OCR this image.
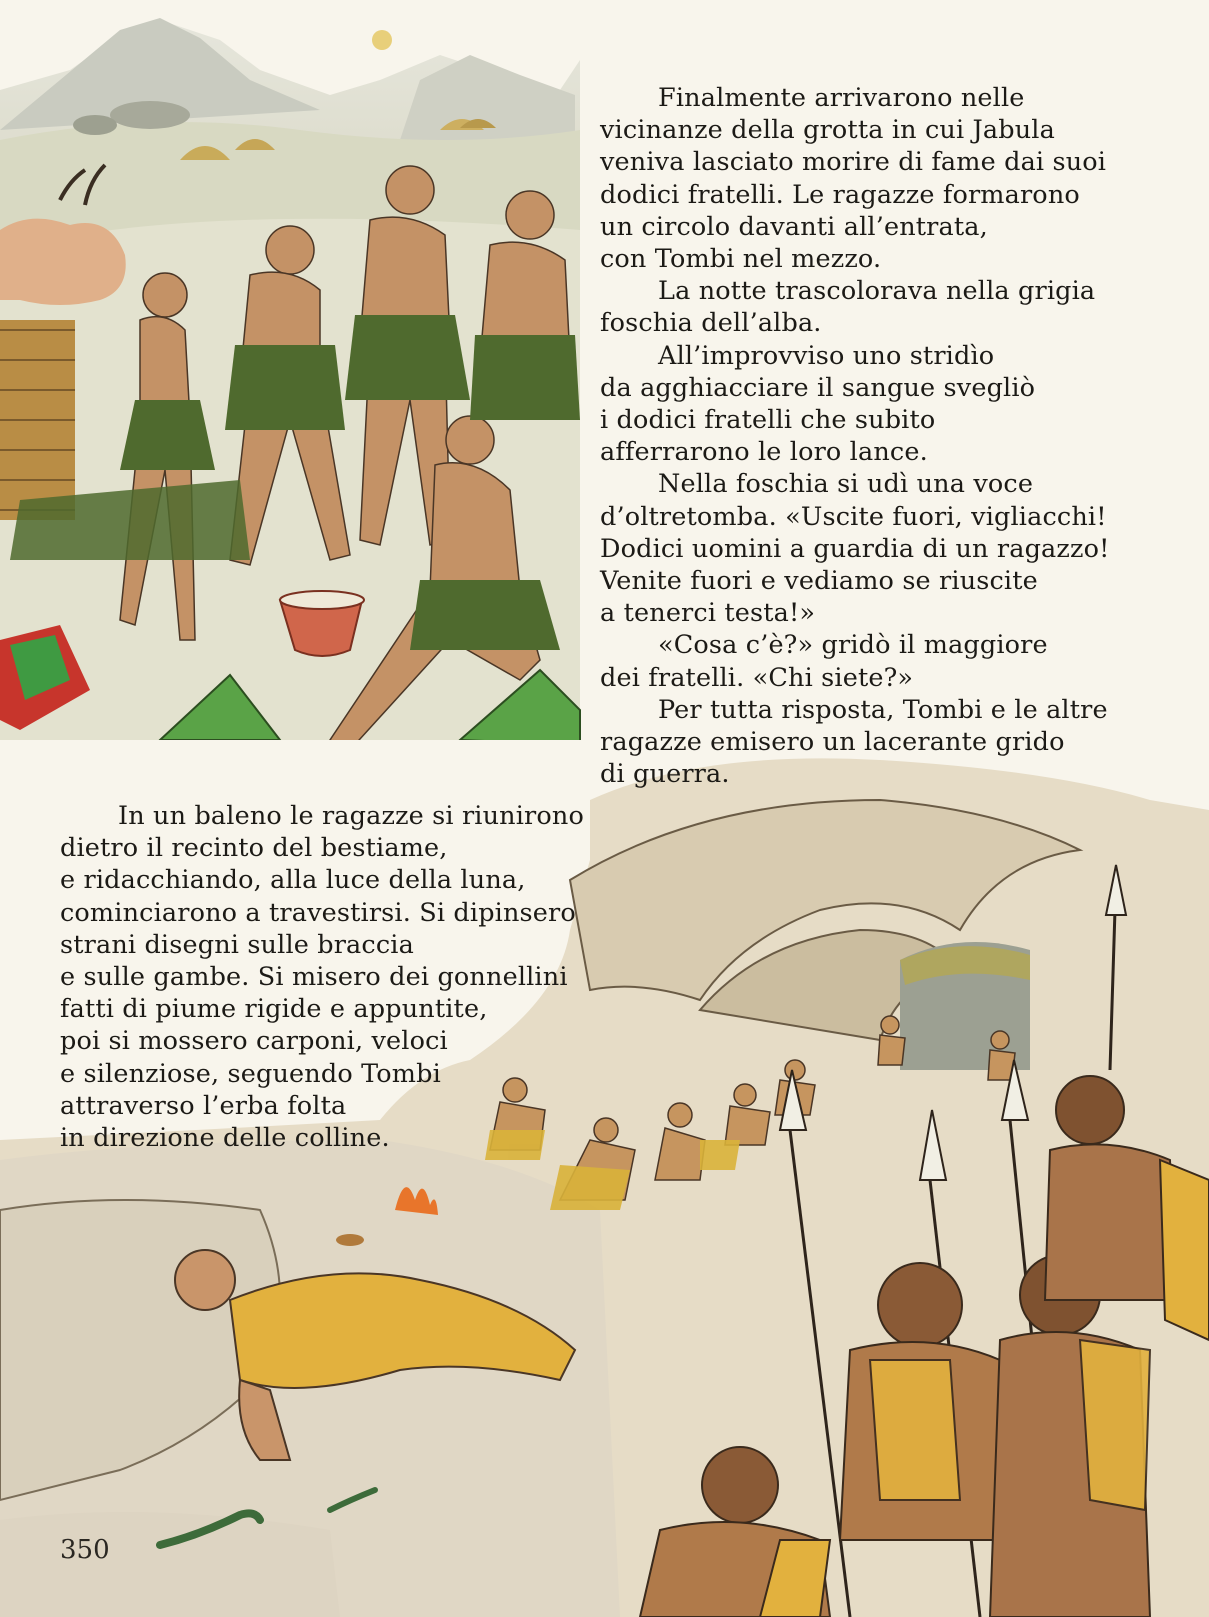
Finalmente arrivarono nelle
vicinanze della grotta in cui Jabula
veniva lasciato morire di fame dai suoi
dodici fratelli. Le ragazze formarono
un circolo davanti all’entrata,
con Tombi nel mezzo.

La notte trascolorava nella grigia
foschia dell’alba.

All’improvviso uno stridìo
da agghiacciare il sangue svegliò
i dodici fratelli che subito
afferrarono le loro lance.

Nella foschia si udì una voce
d’oltretomba. «Uscite fuori, vigliacchi!
Dodici uomini a guardia di un ragazzo!
Venite fuori e vediamo se riuscite
a tenerci testa!»

«Cosa c’è?» gridò il maggiore
dei fratelli. «Chi siete?»

Per tutta risposta, Tombi e le altre
ragazze emisero un lacerante grido
di guerra.

In un baleno le ragazze si riunirono
dietro il recinto del bestiame,
e ridacchiando, alla luce della luna,
cominciarono a travestirsi. Si dipinsero
strani disegni sulle braccia
e sulle gambe. Si misero dei gonnellini
fatti di piume rigide e appuntite,
poi si mossero carponi, veloci
e silenziose, seguendo Tombi
attraverso l’erba folta
in direzione delle colline.

350
